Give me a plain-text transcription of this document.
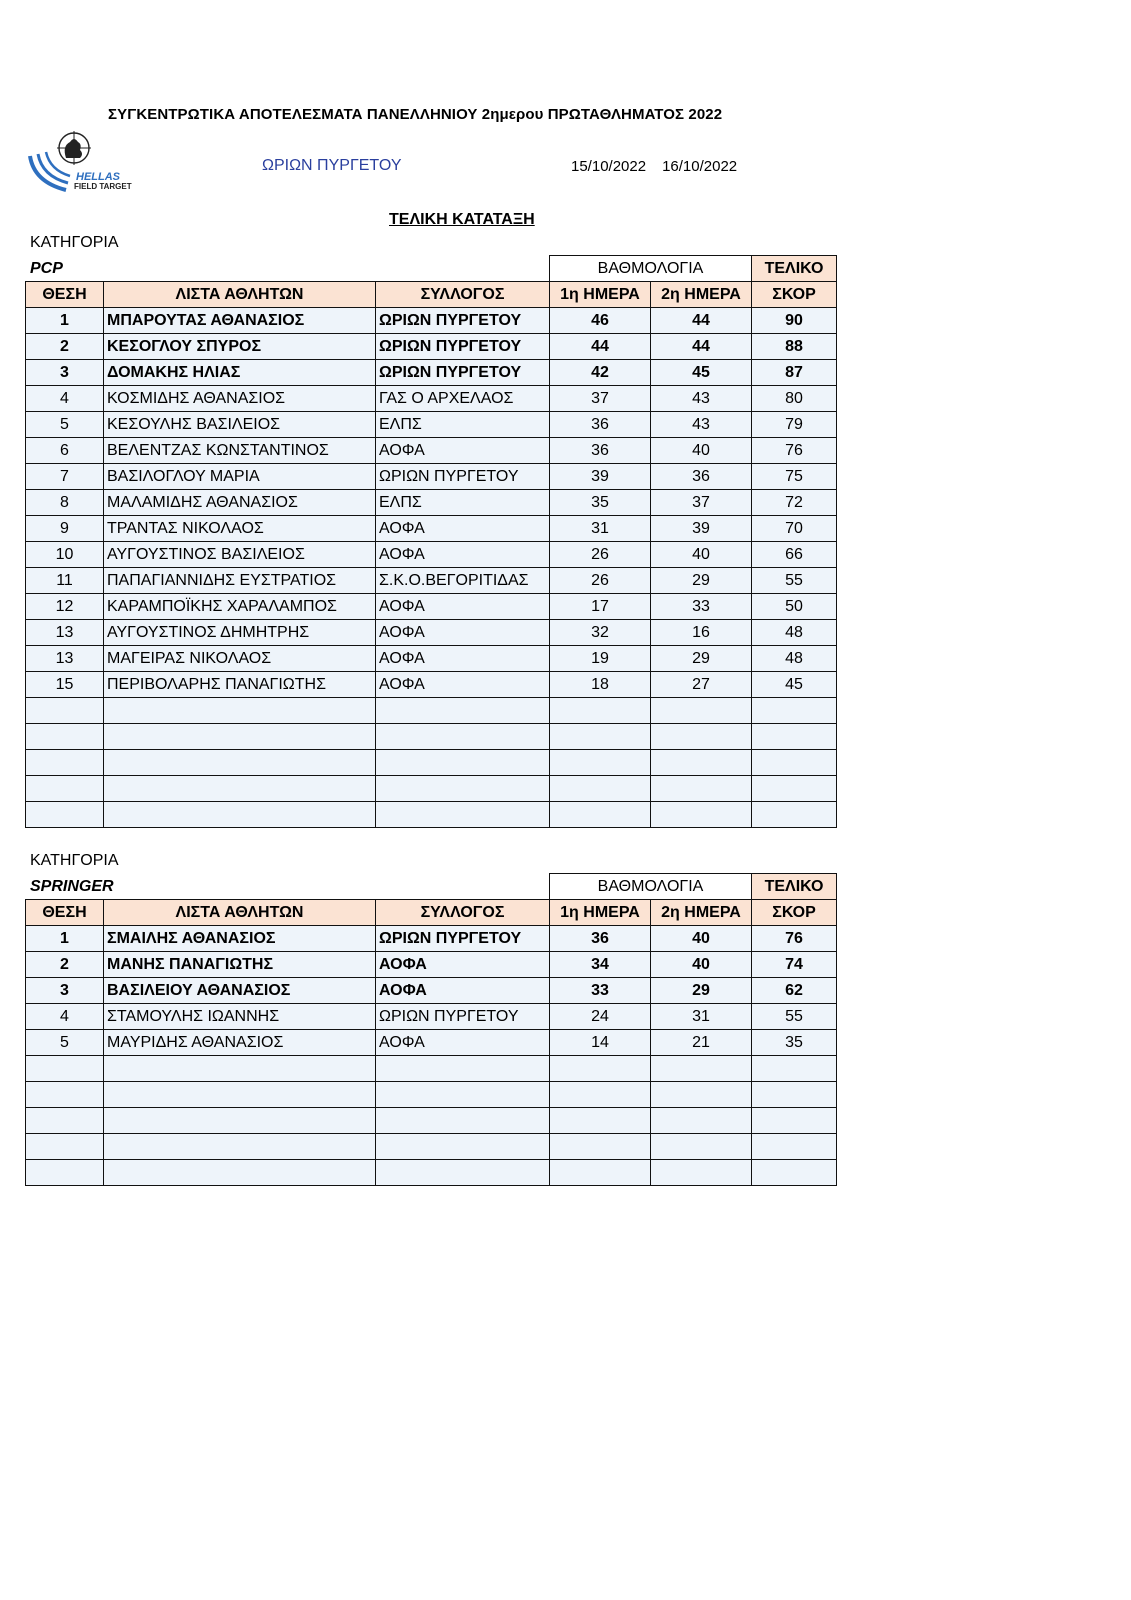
ΣΥΓΚΕΝΤΡΩΤΙΚΑ ΑΠΟΤΕΛΕΣΜΑΤΑ ΠΑΝΕΛΛΗΝΙΟΥ 2ημερου ΠΡΩΤΑΘΛΗΜΑΤΟΣ 2022
HELLAS
FIELD TARGET
ΩΡΙΩΝ ΠΥΡΓΕΤΟΥ	15/10/2022 16/10/2022
ΤΕΛΙΚΗ ΚΑΤΑΤΑΞΗ
ΚΑΤΗΓΟΡΙΑ
PCP
			ΒΑΘΜΟΛΟΓΙΑ		ΤΕΛΙΚΟ
ΘΕΣΗ	ΛΙΣΤΑ ΑΘΛΗΤΩΝ	ΣΥΛΛΟΓΟΣ	1η ΗΜΕΡΑ	2η ΗΜΕΡΑ	ΣΚΟΡ
1	ΜΠΑΡΟΥΤΑΣ ΑΘΑΝΑΣΙΟΣ	ΩΡΙΩΝ ΠΥΡΓΕΤΟΥ	46	44	90
2	ΚΕΣΟΓΛΟΥ ΣΠΥΡΟΣ	ΩΡΙΩΝ ΠΥΡΓΕΤΟΥ	44	44	88
3	ΔΟΜΑΚΗΣ ΗΛΙΑΣ	ΩΡΙΩΝ ΠΥΡΓΕΤΟΥ	42	45	87
4	ΚΟΣΜΙΔΗΣ ΑΘΑΝΑΣΙΟΣ	ΓΑΣ Ο ΑΡΧΕΛΑΟΣ	37	43	80
5	ΚΕΣΟΥΛΗΣ ΒΑΣΙΛΕΙΟΣ	ΕΛΠΣ	36	43	79
6	ΒΕΛΕΝΤΖΑΣ ΚΩΝΣΤΑΝΤΙΝΟΣ	ΑΟΦΑ	36	40	76
7	ΒΑΣΙΛΟΓΛΟΥ ΜΑΡΙΑ	ΩΡΙΩΝ ΠΥΡΓΕΤΟΥ	39	36	75
8	ΜΑΛΑΜΙΔΗΣ ΑΘΑΝΑΣΙΟΣ	ΕΛΠΣ	35	37	72
9	ΤΡΑΝΤΑΣ ΝΙΚΟΛΑΟΣ	ΑΟΦΑ	31	39	70
10	ΑΥΓΟΥΣΤΙΝΟΣ ΒΑΣΙΛΕΙΟΣ	ΑΟΦΑ	26	40	66
11	ΠΑΠΑΓΙΑΝΝΙΔΗΣ ΕΥΣΤΡΑΤΙΟΣ	Σ.Κ.Ο.ΒΕΓΟΡΙΤΙΔΑΣ	26	29	55
12	ΚΑΡΑΜΠΟΪΚΗΣ ΧΑΡΑΛΑΜΠΟΣ	ΑΟΦΑ	17	33	50
13	ΑΥΓΟΥΣΤΙΝΟΣ ΔΗΜΗΤΡΗΣ	ΑΟΦΑ	32	16	48
13	ΜΑΓΕΙΡΑΣ ΝΙΚΟΛΑΟΣ	ΑΟΦΑ	19	29	48
15	ΠΕΡΙΒΟΛΑΡΗΣ ΠΑΝΑΓΙΩΤΗΣ	ΑΟΦΑ	18	27	45

ΚΑΤΗΓΟΡΙΑ
SPRINGER
			ΒΑΘΜΟΛΟΓΙΑ		ΤΕΛΙΚΟ
ΘΕΣΗ	ΛΙΣΤΑ ΑΘΛΗΤΩΝ	ΣΥΛΛΟΓΟΣ	1η ΗΜΕΡΑ	2η ΗΜΕΡΑ	ΣΚΟΡ
1	ΣΜΑΙΛΗΣ ΑΘΑΝΑΣΙΟΣ	ΩΡΙΩΝ ΠΥΡΓΕΤΟΥ	36	40	76
2	ΜΑΝΗΣ ΠΑΝΑΓΙΩΤΗΣ	ΑΟΦΑ	34	40	74
3	ΒΑΣΙΛΕΙΟΥ ΑΘΑΝΑΣΙΟΣ	ΑΟΦΑ	33	29	62
4	ΣΤΑΜΟΥΛΗΣ ΙΩΑΝΝΗΣ	ΩΡΙΩΝ ΠΥΡΓΕΤΟΥ	24	31	55
5	ΜΑΥΡΙΔΗΣ ΑΘΑΝΑΣΙΟΣ	ΑΟΦΑ	14	21	35
